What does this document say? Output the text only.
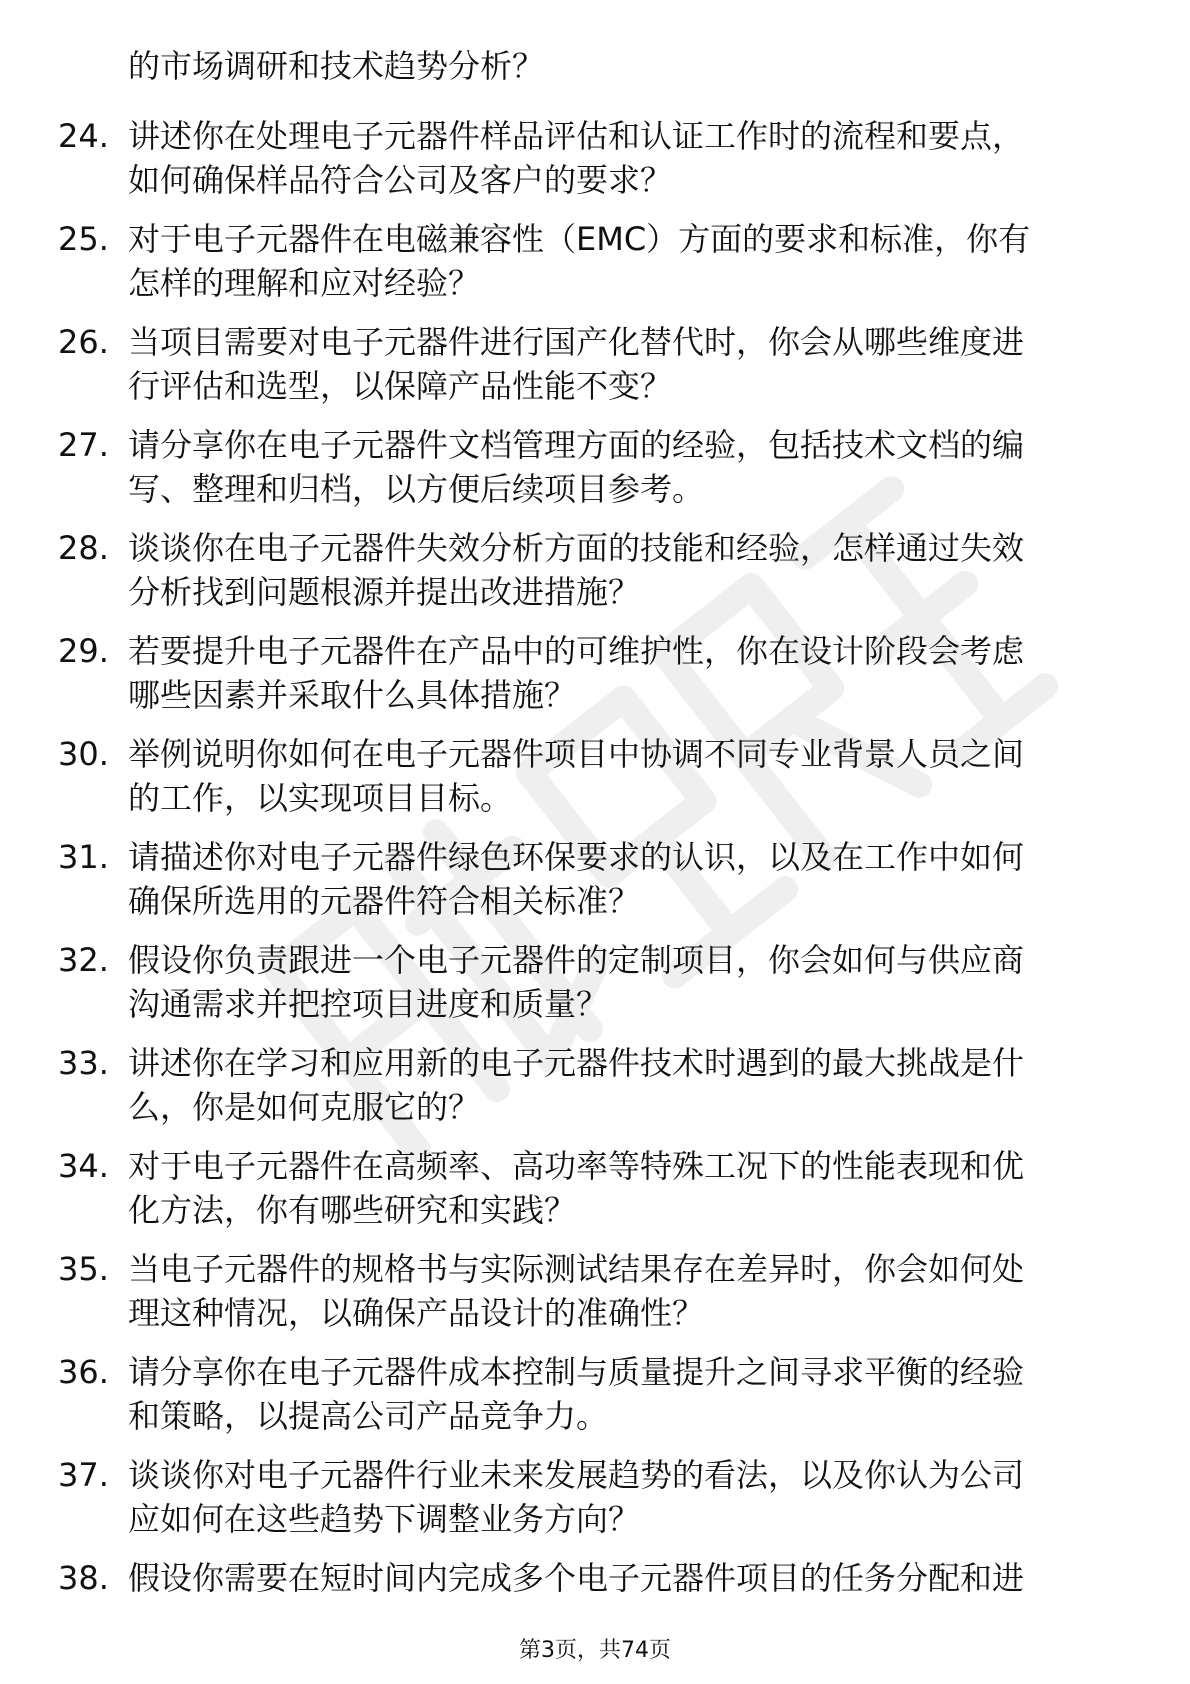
的市场调研和技术趋势分析？
24. 讲述你在处理电子元器件样品评估和认证工作时的流程和要点，
如何确保样品符合公司及客户的要求？
25. 对于电子元器件在电磁兼容性（EMC）方面的要求和标准，你有
怎样的理解和应对经验？
26. 当项目需要对电子元器件进行国产化替代时，你会从哪些维度进
行评估和选型，以保障产品性能不变？
27. 请分享你在电子元器件文档管理方面的经验，包括技术文档的编
写、整理和归档，以方便后续项目参考。
28. 谈谈你在电子元器件失效分析方面的技能和经验，怎样通过失效
分析找到问题根源并提出改进措施？
29. 若要提升电子元器件在产品中的可维护性，你在设计阶段会考虑
哪些因素并采取什么具体措施？
30. 举例说明你如何在电子元器件项目中协调不同专业背景人员之间
的工作，以实现项目目标。
31. 请描述你对电子元器件绿色环保要求的认识，以及在工作中如何
确保所选用的元器件符合相关标准？
32. 假设你负责跟进一个电子元器件的定制项目，你会如何与供应商
沟通需求并把控项目进度和质量？
33. 讲述你在学习和应用新的电子元器件技术时遇到的最大挑战是什
么，你是如何克服它的？
34. 对于电子元器件在高频率、高功率等特殊工况下的性能表现和优
化方法，你有哪些研究和实践？
35. 当电子元器件的规格书与实际测试结果存在差异时，你会如何处
理这种情况，以确保产品设计的准确性？
36. 请分享你在电子元器件成本控制与质量提升之间寻求平衡的经验
和策略，以提高公司产品竞争力。
37. 谈谈你对电子元器件行业未来发展趋势的看法，以及你认为公司
应如何在这些趋势下调整业务方向？
38. 假设你需要在短时间内完成多个电子元器件项目的任务分配和进
第3页，共74页
